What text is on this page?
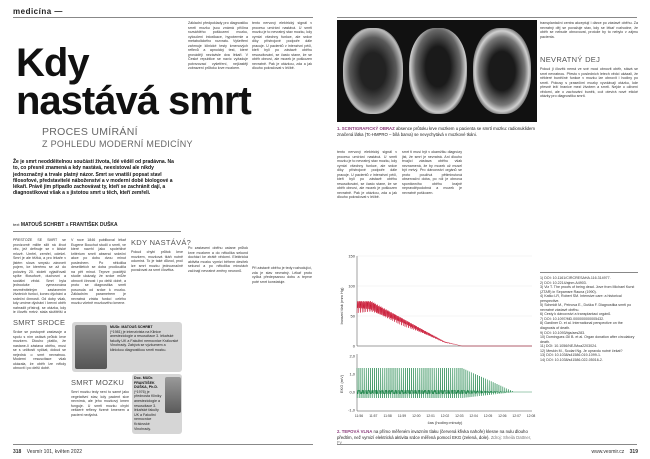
medicína —
Kdy
nastává smrt
PROCES UMÍRÁNÍ
Z POHLEDU MODERNÍ MEDICÍNY
Že je smrt neodděitelnou součástí života, ldé věděl od pradávna. Na to, co přesně znamená a kdy nastává, neexistoval ale nikdy jednoznačný a trvale platný názor. Smrt se vnatiší popsat stavl filosofové, představitelé náboženství a v moderní době biologové a lékaři. Právě jim připadlo zachovávat ty, kteří se zachránit dají, a diagnostikovat však a s jistotou smrt u těch, kteří zemřeli.
text MATOUŠ SCHRBT a FRANTIŠEK DUŠKA
PŘESTOŽE SE SMRT se provizorně milite silit ná život věc, jež definuje se v lidské mluvě. Umřel, zemřel, odešel. Smrt je ale těžká, a pro lékaře v jistém slova smyslu zároveň pojem, ke kterému se až do poloviny 20. století vyjadřovali spíše filosofové, duchovní a sociální vědci. Smrt byla jednoduše vymezována nezměnitelným zastavením životních funkcí, konec dýchání a srdeční činnosti. Od doby však, kdy umíme dýchání i krevní oběh nahradit přístroji, se otázka, kdy je člověk mrtvý, stala složitější a
SMRT SRDCE
Srdce se postupně zastavuje a spolu s ním ustává průtok krve mozkem. Dlouho platilo, že nastane-li zástava oběhu, musí se s určitostí vyčkat, dokud se nejedná o smrt nevratnou. Moderní resuscitace však ukázala, že oběh lze někdy obnovit i po delší době.
V roce 1846 publikoval lékař Eugene Bouchut studii o smrti, ve které navrhl jako spolehlivé kritérium smrti absenci srdeční akce po dobu dvou minut poslechem. Po několika desetiletích se doba prodloužila na pět minut. Teprve pozdější studie ukázaly, že srdce může obnovit činnost i po delší době, a proto se diagnostika smrti posunula od srdce k mozku. Základním parametrem je nevratná ztráta funkcí celého mozku včetně mozkového kmene.
MUDr. MATOUŠ SCHRBT
(*1981) je intenzivista na Klinice anesteziologie a resuscitace 3. lékařské fakulty UK a Fakultní nemocnice Královské Vinohrady. Zabývá se výzkumem a klinickou diagnostikou smrti mozku.
Doc. MUDr. FRANTIŠEK DUŠKA, Ph.D.
(*1976) je přednosta Kliniky anesteziologie a resuscitace 3. lékařské fakulty UK a Fakultní nemocnice Královské Vinohrady.
SMRT MOZKU
Smrt mozku tedy není to samé jako vegetativní stav, kdy pacient sice nevnímá, ale jeho mozkový kmen funguje. U smrti mozku chybí veškeré reflexy řízené kmenem a pacient nedýchá.
Základní předpoklady pro diagnostiku smrti mozku jsou známá příčina rozsáhlého poškození mozku, vyloučení intoxikace, hypotermie a metabolického rozvratu. Vyšetření zahrnuje klinické testy kmenových reflexů a apnoický test, které provádějí nezávisle dva lékaři. V České republice se navíc vyžaduje potvrzovací vyšetření, nejčastěji zobrazení průtoku krve mozkem.
KDY NASTÁVÁ?
Pokud chybí průtok krve mozkem, mozková tkáň nutně odumírá. To je také důvod, proč lze smrt mozku jednoznačně považovat za smrt člověka.
tento nervový elektrický signál v procesu umírání nastává. U smrti mozku je to nevratný stav mozku, kdy vymizí všechny funkce, ale srdce díky přístrojové podpoře dále pracuje. U pacientů v intenzivní péči, kteří byli po zástavě oběhu resuscitováni, se často stane, že se oběh obnoví, ale mozek je poškozen nevratně. Pak je otázkou, zda a jak dlouho pokračovat v léčbě.
Po zastavení oběhu ustane průtok krve mozkem a do několika sekund dochází ke ztrátě vědomí. Elektrická aktivita mozku vymizí během desítek sekund a po několika minutách začínají nevratné změny neuronů.
Při zástavě oběhu je tedy rozhodující, zda je stav nevratný. Lékař proto vyčká předepsanou dobu a teprve poté smrt konstatuje.
318 Vesmír 101, květen 2022
1. SCINTIGRAFICKÝ OBRAZ absence průtoku krve mozkem u pacienta se smrtí mozku: radionuklidem značená látka (Tc-HMPRO – bílá barva) se nevychytává v mozkové tkáni.
tento nervový elektrický signál v procesu umírání nastává. U smrti mozku je to nevratný stav mozku, kdy vymizí všechny funkce, ale srdce díky přístrojové podpoře dále pracuje. U pacientů v intenzivní péči, kteří byli po zástavě oběhu resuscitováni, se často stane, že se oběh obnoví, ale mozek je poškozen nevratně. Pak je otázkou, zda a jak dlouho pokračovat v léčbě.
smrt ti musí být v okamžiku diagnózy jist, že smrt je nevratná. Ani dlouho trvající zástava oběhu však neznamená, že by mozek už musel být mrtvý. Pro dárcovství orgánů se proto používá pětiminutová observační doba, po níž je obnova spontánního oběhu krajně nepravděpodobná a mozek je nevratně poškozen.
transplantační centra akceptují i dárce po zástavě oběhu. Za nevratný děj se považuje stav, kdy se lékař rozhodne, že oběh se nebude obnovovat, protože by to nebylo v zájmu pacienta.
NEVRATNÝ DEJ
Pokud ji člověk nemá ve své moci obnovit oběh, stává se smrt nevratnou. Přesto v posledních letech vědci ukázali, že některé buněčné funkce v mozku lze obnovit i hodiny po smrti. Pokusy s prasečími mozky vyvolávají otázku, kde přesně leží hranice mezi životem a smrtí. Nejde o oživení vědomí, ale o zachování buněk, což otevírá nové etické otázky pro diagnostiku smrti.
Invazní tlak (mm Hg)
150
100
50
0
EKG (mV)
2,0
1,0
0,0
-1,0
11:56 11:57 11:58 11:59 12:00 12:01 12:02 12:03 12:04 12:05 12:06 12:07 12:08
čas (hodiny:minuty)
2. TEPOVÁ VLNA na přímo měřeném invazním tlaku (červená křivka nahoře) klesne na nulu dlouho předtím, než vymizí elektrická aktivita srdce měřená pomocí EKG (zelená, dole). Zdroj: Sheila Dattner, Fy
1) DOI: 10.1161/CIRCRESAHA.116.314977.
2) DOI: 10.2214/ajnm.A4903.
3) Viz T. The proofs of being dead. Jove from Michael Kurst (ZTAR) in Sepamsre Rauna (1990).
4) Katko LR, Robert SM. Intensive care: a historical perspective.
5) Schmidt M., Peinova E., Duška F. Diagnostika smrti po nevratné zástavě oběhu.
6) Cesty k dárcovství a transplantaci orgánů.
7) DOI: 10.1097/MD.000000000005432.
8) Gardiner D. et al. International perspective on the diagnosis of death.
9) DOI: 10.1093/bja/aes283.
10) Dominguez-Gil B. et al. Organ donation after circulatory death.
11) DOI: 10.1056/NEJMoa2203024.
12) Meskin M., Scolari Ng. Je opravdu nutné čekat?
13) DOI: 10.1038/s41586-019-1099-1.
14) DOI: 10.1038/s41586-022-05016-2.
www.vesmir.cz 319
